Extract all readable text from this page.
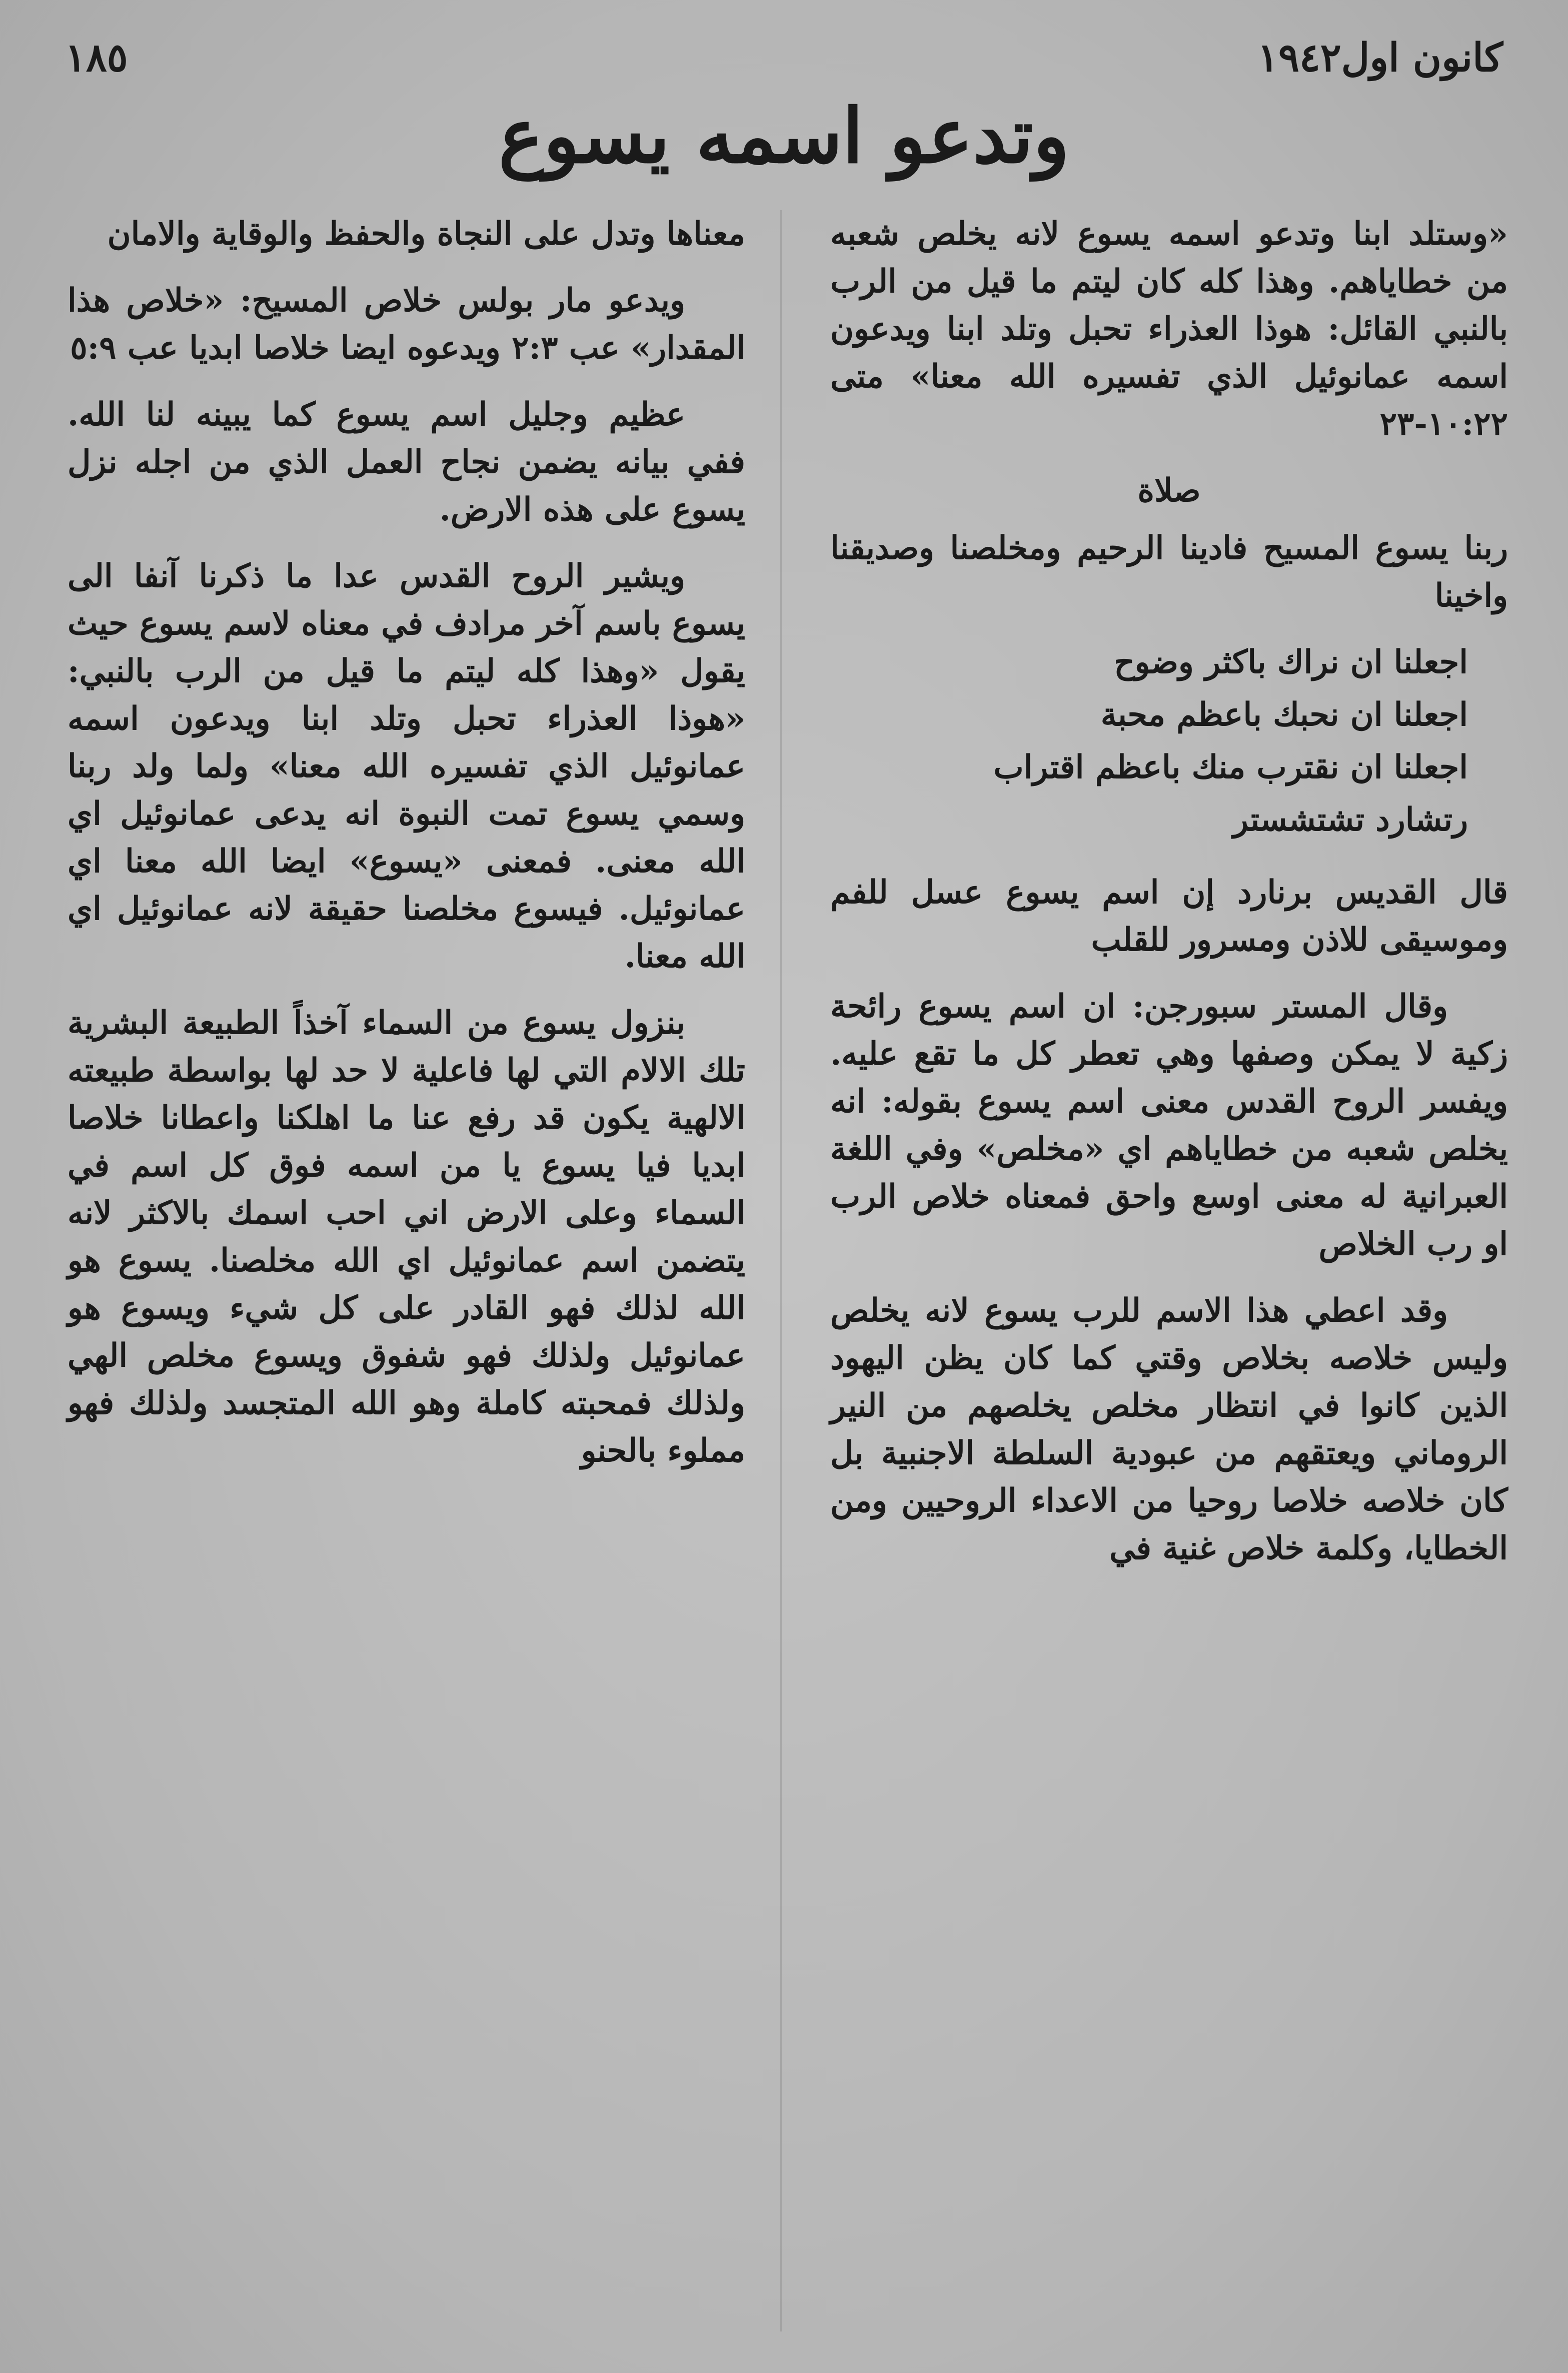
كانون اول١٩٤٢
١٨٥
وتدعو اسمه يسوع

«وستلد ابنا وتدعو اسمه يسوع لانه يخلص شعبه من خطاياهم. وهذا كله كان ليتم ما قيل من الرب بالنبي القائل: هوذا العذراء تحبل وتلد ابنا ويدعون اسمه عمانوئيل الذي تفسيره الله معنا» متى ١٠:٢٢-٢٣

صلاة

ربنا يسوع المسيح فادينا الرحيم ومخلصنا وصديقنا واخينا

اجعلنا ان نراك باكثر وضوح

اجعلنا ان نحبك باعظم محبة

اجعلنا ان نقترب منك باعظم اقتراب

رتشارد تشتشستر

قال القديس برنارد إن اسم يسوع عسل للفم وموسيقى للاذن ومسرور للقلب

وقال المستر سبورجن: ان اسم يسوع رائحة زكية لا يمكن وصفها وهي تعطر كل ما تقع عليه. ويفسر الروح القدس معنى اسم يسوع بقوله: انه يخلص شعبه من خطاياهم اي «مخلص» وفي اللغة العبرانية له معنى اوسع واحق فمعناه خلاص الرب او رب الخلاص

وقد اعطي هذا الاسم للرب يسوع لانه يخلص وليس خلاصه بخلاص وقتي كما كان يظن اليهود الذين كانوا في انتظار مخلص يخلصهم من النير الروماني ويعتقهم من عبودية السلطة الاجنبية بل كان خلاصه خلاصا روحيا من الاعداء الروحيين ومن الخطايا، وكلمة خلاص غنية في

معناها وتدل على النجاة والحفظ والوقاية والامان

ويدعو مار بولس خلاص المسيح: «خلاص هذا المقدار» عب ٢:٣ ويدعوه ايضا خلاصا ابديا عب ٥:٩

عظيم وجليل اسم يسوع كما يبينه لنا الله. ففي بيانه يضمن نجاح العمل الذي من اجله نزل يسوع على هذه الارض.

ويشير الروح القدس عدا ما ذكرنا آنفا الى يسوع باسم آخر مرادف في معناه لاسم يسوع حيث يقول «وهذا كله ليتم ما قيل من الرب بالنبي: «هوذا العذراء تحبل وتلد ابنا ويدعون اسمه عمانوئيل الذي تفسيره الله معنا» ولما ولد ربنا وسمي يسوع تمت النبوة انه يدعى عمانوئيل اي الله معنى. فمعنى «يسوع» ايضا الله معنا اي عمانوئيل. فيسوع مخلصنا حقيقة لانه عمانوئيل اي الله معنا.

بنزول يسوع من السماء آخذاً الطبيعة البشرية تلك الالام التي لها فاعلية لا حد لها بواسطة طبيعته الالهية يكون قد رفع عنا ما اهلكنا واعطانا خلاصا ابديا فيا يسوع يا من اسمه فوق كل اسم في السماء وعلى الارض اني احب اسمك بالاكثر لانه يتضمن اسم عمانوئيل اي الله مخلصنا. يسوع هو الله لذلك فهو القادر على كل شيء ويسوع هو عمانوئيل ولذلك فهو شفوق ويسوع مخلص الهي ولذلك فمحبته كاملة وهو الله المتجسد ولذلك فهو مملوء بالحنو
